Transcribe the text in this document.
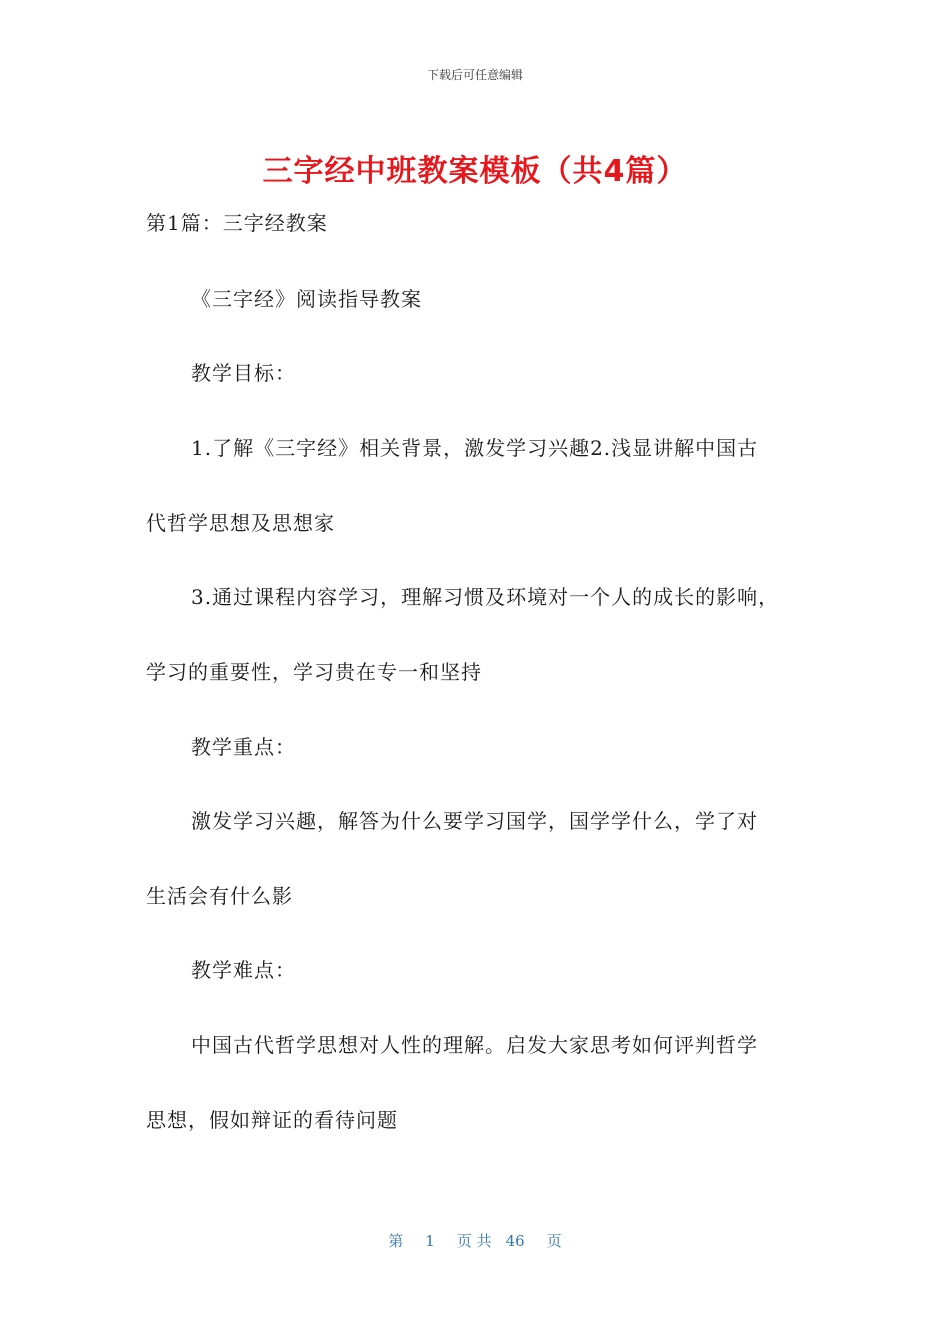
下载后可任意编辑
三字经中班教案模板（共4篇）
第1篇：三字经教案
《三字经》阅读指导教案
教学目标：
1.了解《三字经》相关背景，激发学习兴趣2.浅显讲解中国古
代哲学思想及思想家
3.通过课程内容学习，理解习惯及环境对一个人的成长的影响，
学习的重要性，学习贵在专一和坚持
教学重点：
激发学习兴趣，解答为什么要学习国学，国学学什么，学了对
生活会有什么影
教学难点：
中国古代哲学思想对人性的理解。启发大家思考如何评判哲学
思想，假如辩证的看待问题
第 1 页 共 46 页
